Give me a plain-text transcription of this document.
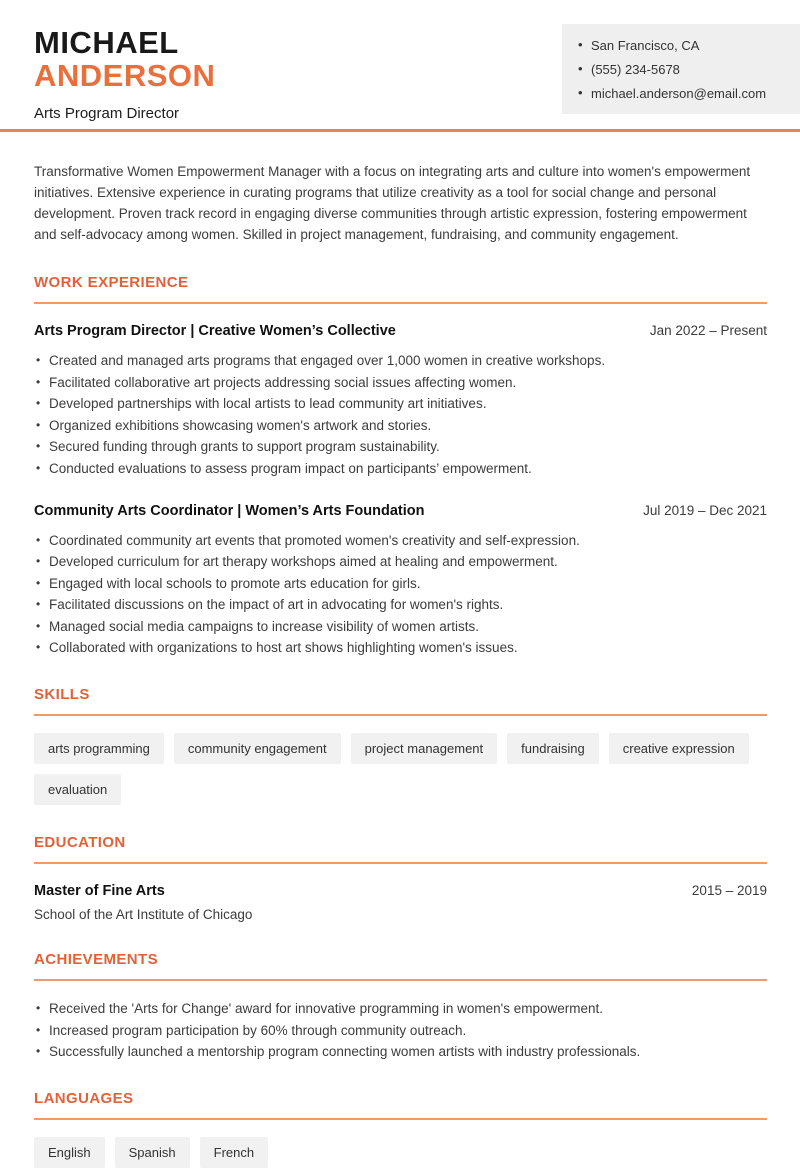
MICHAEL
ANDERSON
Arts Program Director
• San Francisco, CA
• (555) 234-5678
• michael.anderson@email.com

Transformative Women Empowerment Manager with a focus on integrating arts and culture into women's empowerment initiatives. Extensive experience in curating programs that utilize creativity as a tool for social change and personal development. Proven track record in engaging diverse communities through artistic expression, fostering empowerment and self-advocacy among women. Skilled in project management, fundraising, and community engagement.

WORK EXPERIENCE
Arts Program Director | Creative Women’s Collective	Jan 2022 – Present
• Created and managed arts programs that engaged over 1,000 women in creative workshops.
• Facilitated collaborative art projects addressing social issues affecting women.
• Developed partnerships with local artists to lead community art initiatives.
• Organized exhibitions showcasing women's artwork and stories.
• Secured funding through grants to support program sustainability.
• Conducted evaluations to assess program impact on participants’ empowerment.
Community Arts Coordinator | Women’s Arts Foundation	Jul 2019 – Dec 2021
• Coordinated community art events that promoted women's creativity and self-expression.
• Developed curriculum for art therapy workshops aimed at healing and empowerment.
• Engaged with local schools to promote arts education for girls.
• Facilitated discussions on the impact of art in advocating for women's rights.
• Managed social media campaigns to increase visibility of women artists.
• Collaborated with organizations to host art shows highlighting women's issues.
SKILLS
arts programming	community engagement	project management	fundraising	creative expression
evaluation
EDUCATION
Master of Fine Arts	2015 – 2019
School of the Art Institute of Chicago
ACHIEVEMENTS
• Received the 'Arts for Change' award for innovative programming in women's empowerment.
• Increased program participation by 60% through community outreach.
• Successfully launched a mentorship program connecting women artists with industry professionals.
LANGUAGES
English	Spanish	French
